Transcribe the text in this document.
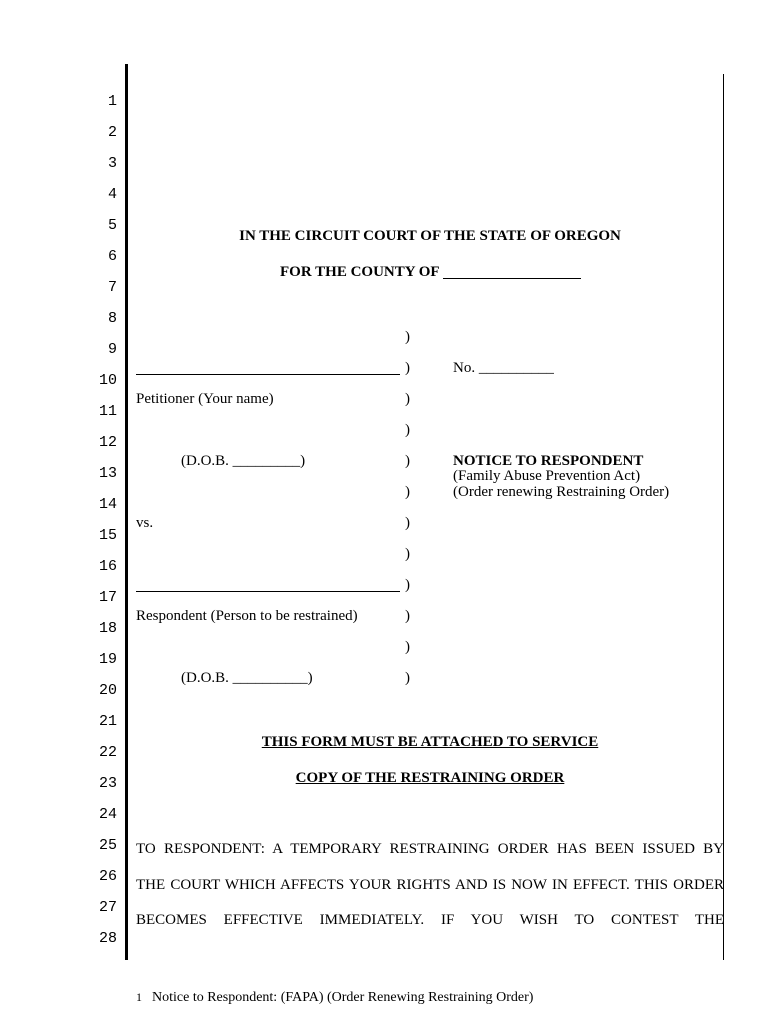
1
2
3
4
5
6
7
8
9
10
11
12
13
14
15
16
17
18
19
20
21
22
23
24
25
26
27
28
IN THE CIRCUIT COURT OF THE STATE OF OREGON
FOR THE COUNTY OF
)
)
)
)
)
)
)
)
)
)
)
)
Petitioner (Your name)
(D.O.B. _________)
vs.
Respondent (Person to be restrained)
(D.O.B. __________)
No. __________
NOTICE TO RESPONDENT
(Family Abuse Prevention Act)
(Order renewing Restraining Order)
THIS FORM MUST BE ATTACHED TO SERVICE
COPY OF THE RESTRAINING ORDER
TO RESPONDENT: A TEMPORARY RESTRAINING ORDER HAS BEEN ISSUED BY
THE COURT WHICH AFFECTS YOUR RIGHTS AND IS NOW IN EFFECT. THIS ORDER
BECOMES EFFECTIVE IMMEDIATELY. IF YOU WISH TO CONTEST THE
1 Notice to Respondent: (FAPA) (Order Renewing Restraining Order)
